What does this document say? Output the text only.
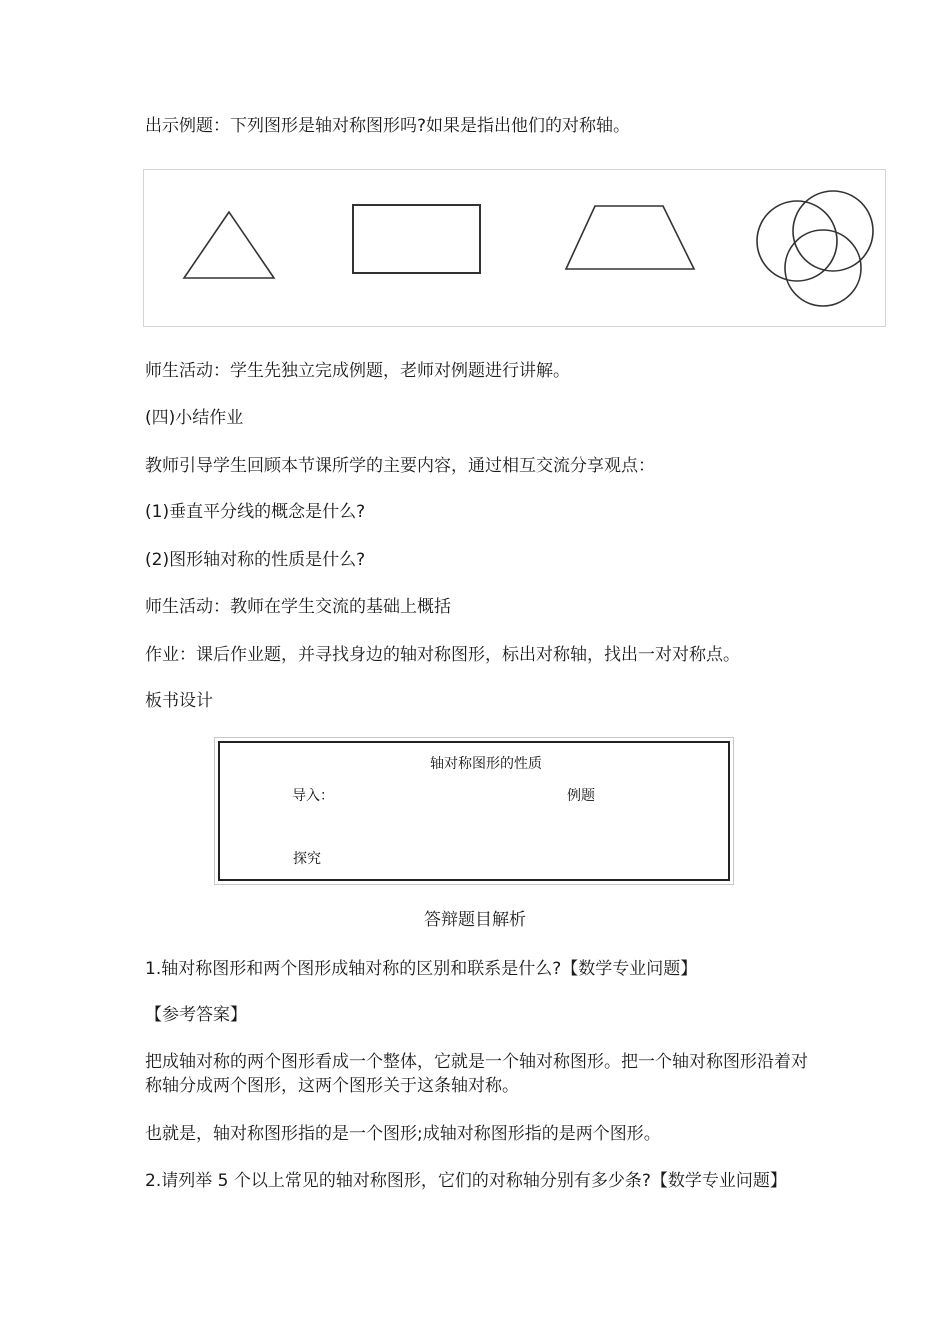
出示例题：下列图形是轴对称图形吗?如果是指出他们的对称轴。
师生活动：学生先独立完成例题，老师对例题进行讲解。
(四)小结作业
教师引导学生回顾本节课所学的主要内容，通过相互交流分享观点：
(1)垂直平分线的概念是什么?
(2)图形轴对称的性质是什么?
师生活动：教师在学生交流的基础上概括
作业：课后作业题，并寻找身边的轴对称图形，标出对称轴，找出一对对称点。
板书设计
轴对称图形的性质
导入：	例题
探究
答辩题目解析
1.轴对称图形和两个图形成轴对称的区别和联系是什么?【数学专业问题】
【参考答案】
把成轴对称的两个图形看成一个整体，它就是一个轴对称图形。把一个轴对称图形沿着对称轴分成两个图形，这两个图形关于这条轴对称。
也就是，轴对称图形指的是一个图形;成轴对称图形指的是两个图形。
2.请列举 5 个以上常见的轴对称图形，它们的对称轴分别有多少条?【数学专业问题】
